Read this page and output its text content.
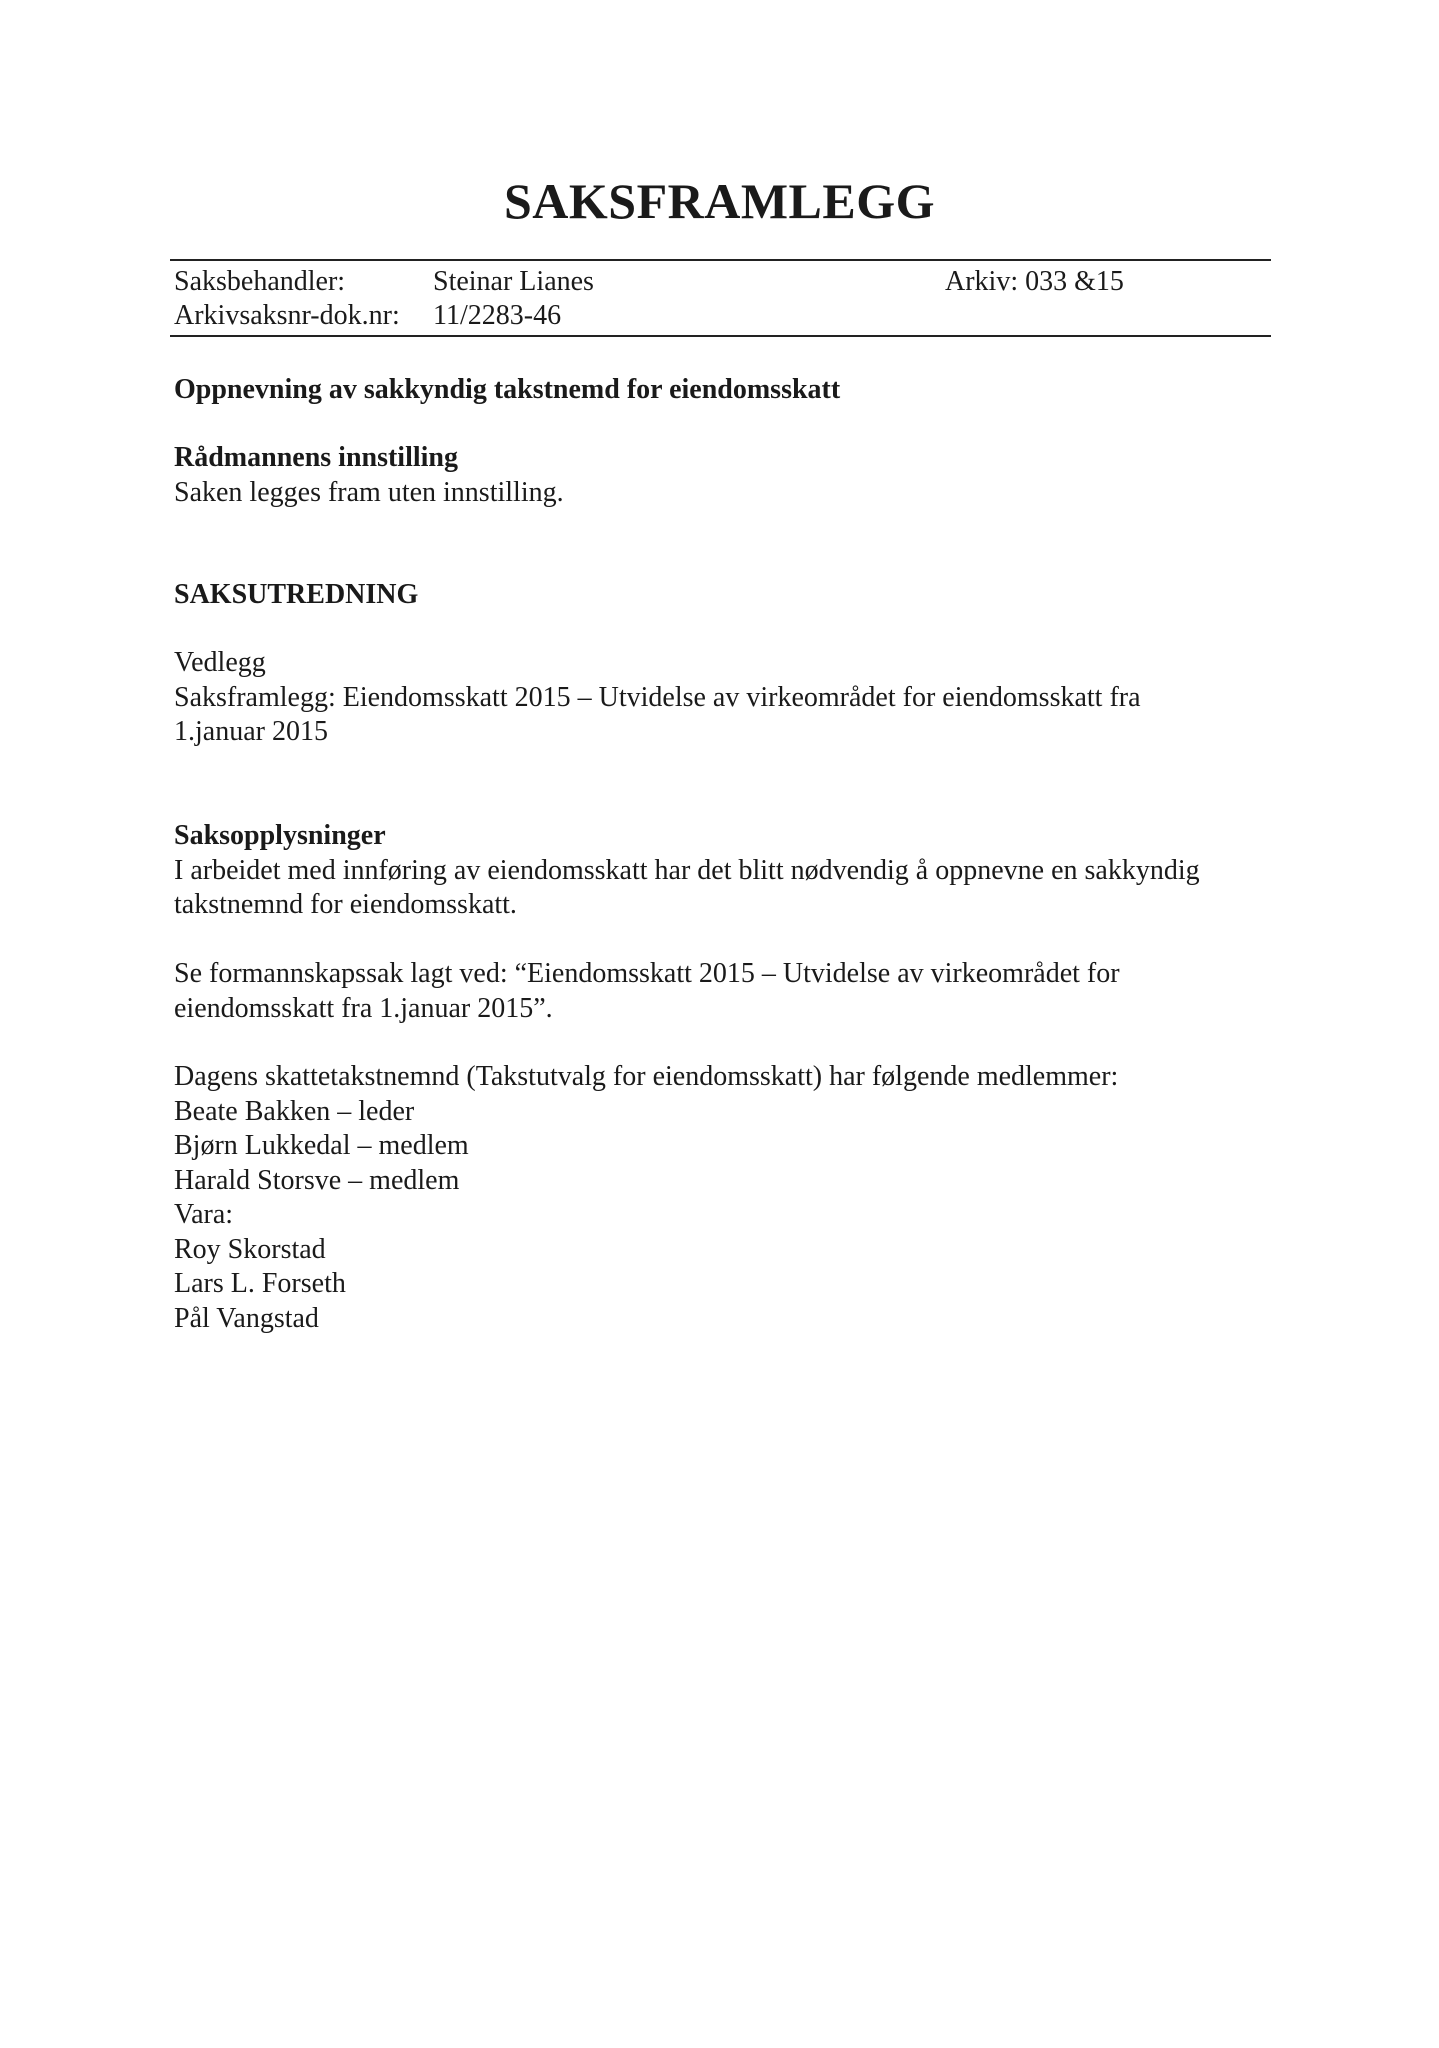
SAKSFRAMLEGG
Saksbehandler:	Steinar Lianes	Arkiv: 033 &15
Arkivsaksnr-dok.nr: 11/2283-46
Oppnevning av sakkyndig takstnemd for eiendomsskatt
Rådmannens innstilling
Saken legges fram uten innstilling.
SAKSUTREDNING
Vedlegg
Saksframlegg: Eiendomsskatt 2015 – Utvidelse av virkeområdet for eiendomsskatt fra
1.januar 2015
Saksopplysninger
I arbeidet med innføring av eiendomsskatt har det blitt nødvendig å oppnevne en sakkyndig
takstnemnd for eiendomsskatt.
Se formannskapssak lagt ved: “Eiendomsskatt 2015 – Utvidelse av virkeområdet for
eiendomsskatt fra 1.januar 2015”.
Dagens skattetakstnemnd (Takstutvalg for eiendomsskatt) har følgende medlemmer:
Beate Bakken – leder
Bjørn Lukkedal – medlem
Harald Storsve – medlem
Vara:
Roy Skorstad
Lars L. Forseth
Pål Vangstad
